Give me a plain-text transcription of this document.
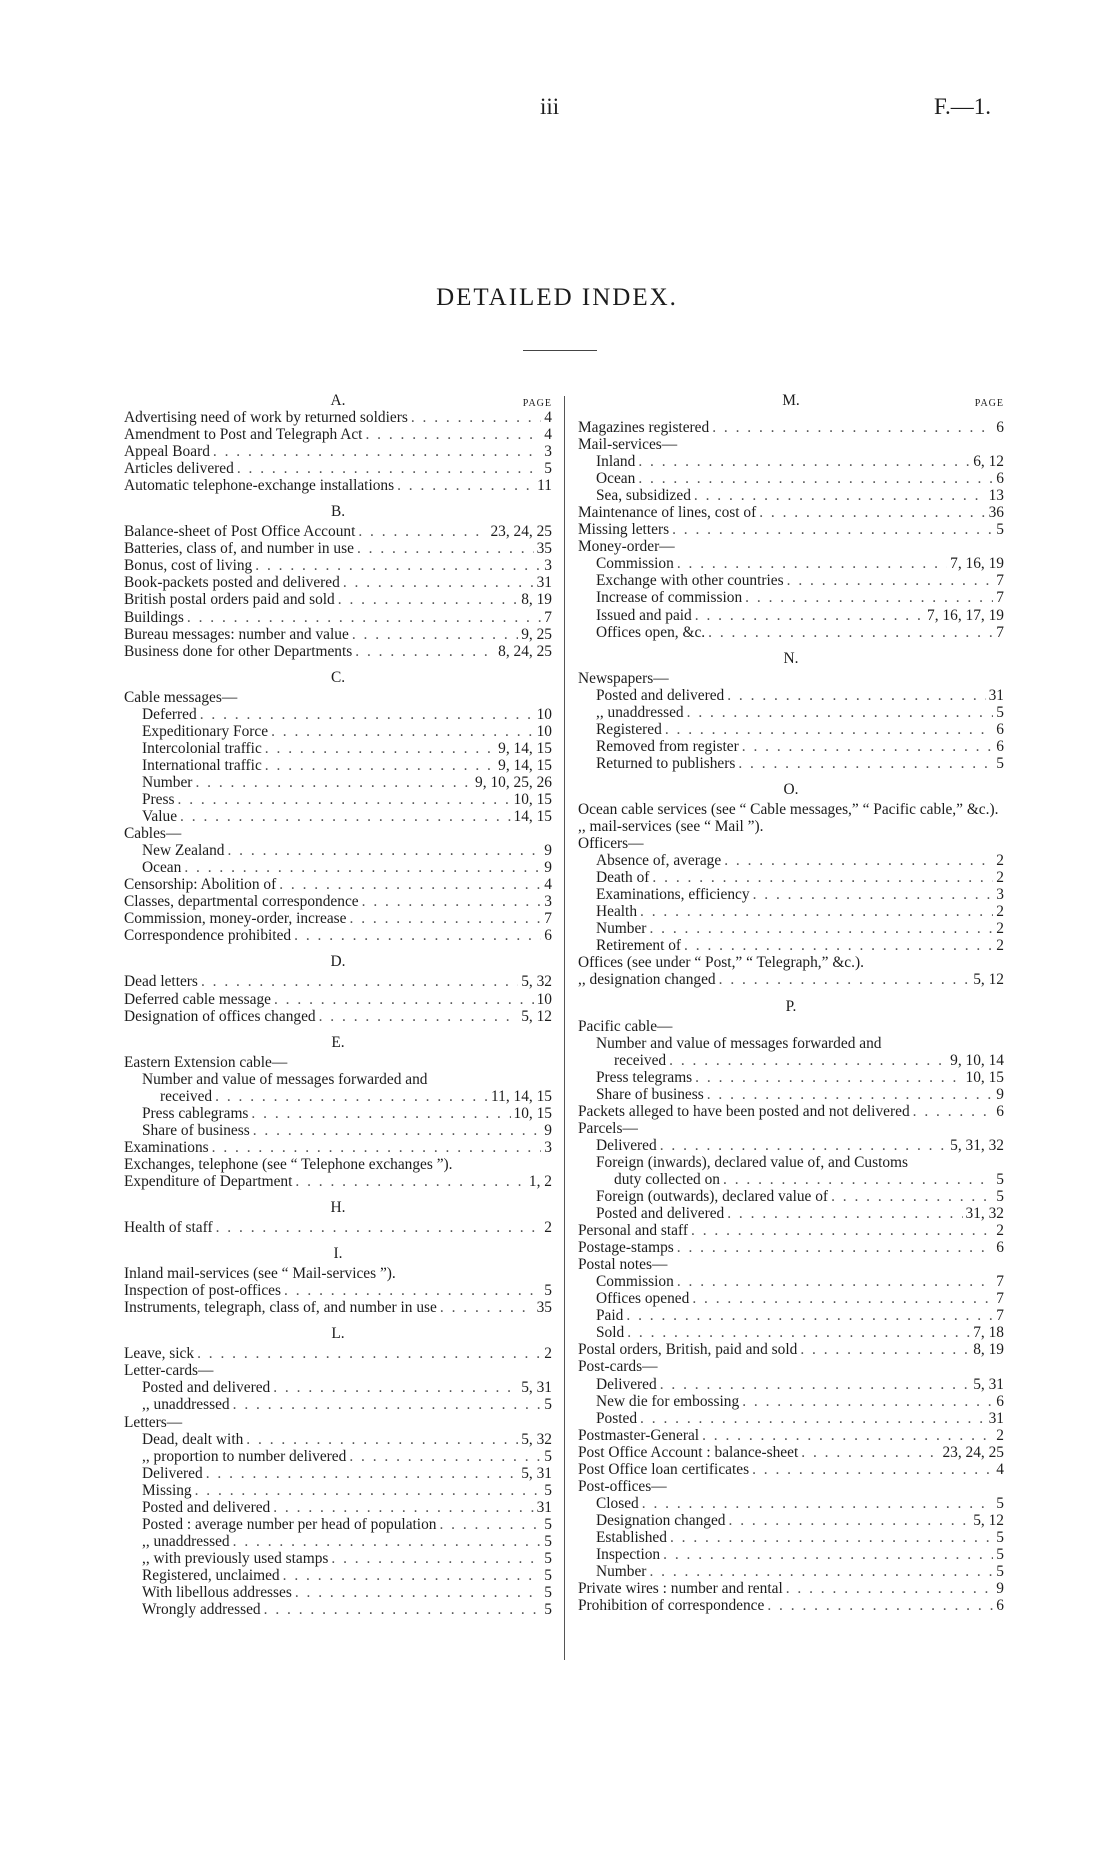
iii	F.—1.
DETAILED INDEX.
A.	PAGE
Advertising need of work by returned soldiers . . .	4
Amendment to Post and Telegraph Act . . .	4
Appeal Board . . .	3
Articles delivered . . .	5
Automatic telephone-exchange installations . . .	11
B.
Balance-sheet of Post Office Account . . .	23, 24, 25
Batteries, class of, and number in use . . .	35
Bonus, cost of living . . .	3
Book-packets posted and delivered . . .	31
British postal orders paid and sold . . .	8, 19
Buildings . . .	7
Bureau messages: number and value . . .	9, 25
Business done for other Departments . . .	8, 24, 25
C.
Cable messages—
Deferred . . .	10
Expeditionary Force . . .	10
Intercolonial traffic . . .	9, 14, 15
International traffic . . .	9, 14, 15
Number . . .	9, 10, 25, 26
Press . . .	10, 15
Value . . .	14, 15
Cables—
New Zealand . . .	9
Ocean . . .	9
Censorship: Abolition of . . .	4
Classes, departmental correspondence . . .	3
Commission, money-order, increase . . .	7
Correspondence prohibited . . .	6
D.
Dead letters . . .	5, 32
Deferred cable message . . .	10
Designation of offices changed . . .	5, 12
E.
Eastern Extension cable—
Number and value of messages forwarded and
received . . .	11, 14, 15
Press cablegrams . . .	10, 15
Share of business . . .	9
Examinations . . .	3
Exchanges, telephone (see “ Telephone exchanges ”).
Expenditure of Department . . .	1, 2
H.
Health of staff . . .	2
I.
Inland mail-services (see “ Mail-services ”).
Inspection of post-offices . . .	5
Instruments, telegraph, class of, and number in use . . .	35
L.
Leave, sick . . .	2
Letter-cards—
Posted and delivered . . .	5, 31
,, unaddressed . . .	5
Letters—
Dead, dealt with . . .	5, 32
,, proportion to number delivered . . .	5
Delivered . . .	5, 31
Missing . . .	5
Posted and delivered . . .	31
Posted : average number per head of population . . .	5
,, unaddressed . . .	5
,, with previously used stamps . . .	5
Registered, unclaimed . . .	5
With libellous addresses . . .	5
Wrongly addressed . . .	5
M.	PAGE
Magazines registered . . .	6
Mail-services—
Inland . . .	6, 12
Ocean . . .	6
Sea, subsidized . . .	13
Maintenance of lines, cost of . . .	36
Missing letters . . .	5
Money-order—
Commission . . .	7, 16, 19
Exchange with other countries . . .	7
Increase of commission . . .	7
Issued and paid . . .	7, 16, 17, 19
Offices open, &c. . . .	7
N.
Newspapers—
Posted and delivered . . .	31
,, unaddressed . . .	5
Registered . . .	6
Removed from register . . .	6
Returned to publishers . . .	5
O.
Ocean cable services (see “ Cable messages,” “ Pacific cable,” &c.).
,, mail-services (see “ Mail ”).
Officers—
Absence of, average . . .	2
Death of . . .	2
Examinations, efficiency . . .	3
Health . . .	2
Number . . .	2
Retirement of . . .	2
Offices (see under “ Post,” “ Telegraph,” &c.).
,, designation changed . . .	5, 12
P.
Pacific cable—
Number and value of messages forwarded and
received . . .	9, 10, 14
Press telegrams . . .	10, 15
Share of business . . .	9
Packets alleged to have been posted and not delivered . . .	6
Parcels—
Delivered . . .	5, 31, 32
Foreign (inwards), declared value of, and Customs
duty collected on . . .	5
Foreign (outwards), declared value of . . .	5
Posted and delivered . . .	31, 32
Personal and staff . . .	2
Postage-stamps . . .	6
Postal notes—
Commission . . .	7
Offices opened . . .	7
Paid . . .	7
Sold . . .	7, 18
Postal orders, British, paid and sold . . .	8, 19
Post-cards—
Delivered . . .	5, 31
New die for embossing . . .	6
Posted . . .	31
Postmaster-General . . .	2
Post Office Account : balance-sheet . . .	23, 24, 25
Post Office loan certificates . . .	4
Post-offices—
Closed . . .	5
Designation changed . . .	5, 12
Established . . .	5
Inspection . . .	5
Number . . .	5
Private wires : number and rental . . .	9
Prohibition of correspondence . . .	6
